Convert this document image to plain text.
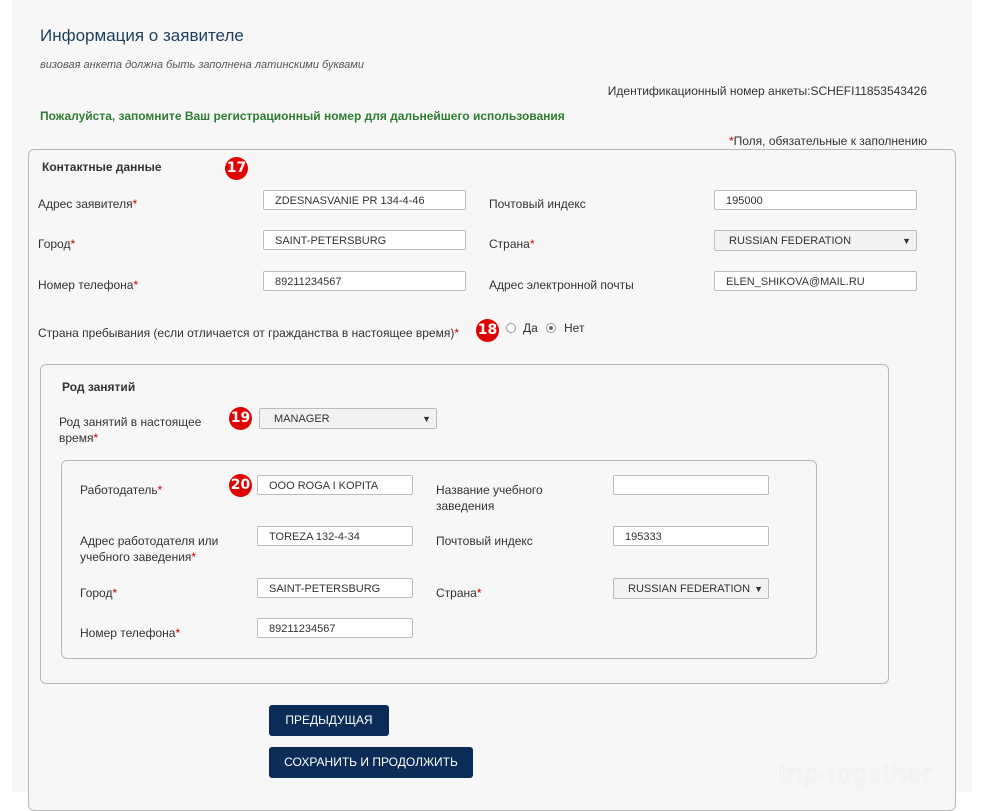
Информация о заявителе
визовая анкета должна быть заполнена латинскими буквами
Идентификационный номер анкеты:SCHEFI11853543426
Пожалуйста, запомните Ваш регистрационный номер для дальнейшего использования
*Поля, обязательные к заполнению
Контактные данные	17
Адрес заявителя*	ZDESNASVANIE PR 134-4-46	Почтовый индекс	195000
Город*	SAINT-PETERSBURG	Страна*	RUSSIAN FEDERATION	▼
Номер телефона*	89211234567	Адрес электронной почты	ELEN_SHIKOVA@MAIL.RU
Страна пребывания (если отличается от гражданства в настоящее время)* 18 Да Нет
Род занятий
Род занятий в настоящее
время*
19	MANAGER	▼
Работодатель*	20	OOO ROGA I KOPITA	Название учебного
заведения
Адрес работодателя или
учебного заведения*
TOREZA 132-4-34	Почтовый индекс	195333
Город*	SAINT-PETERSBURG	Страна*	RUSSIAN FEDERATION ▼
Номер телефона*	89211234567
ПРЕДЫДУЩАЯ
СОХРАНИТЬ И ПРОДОЛЖИТЬ	trip-together
